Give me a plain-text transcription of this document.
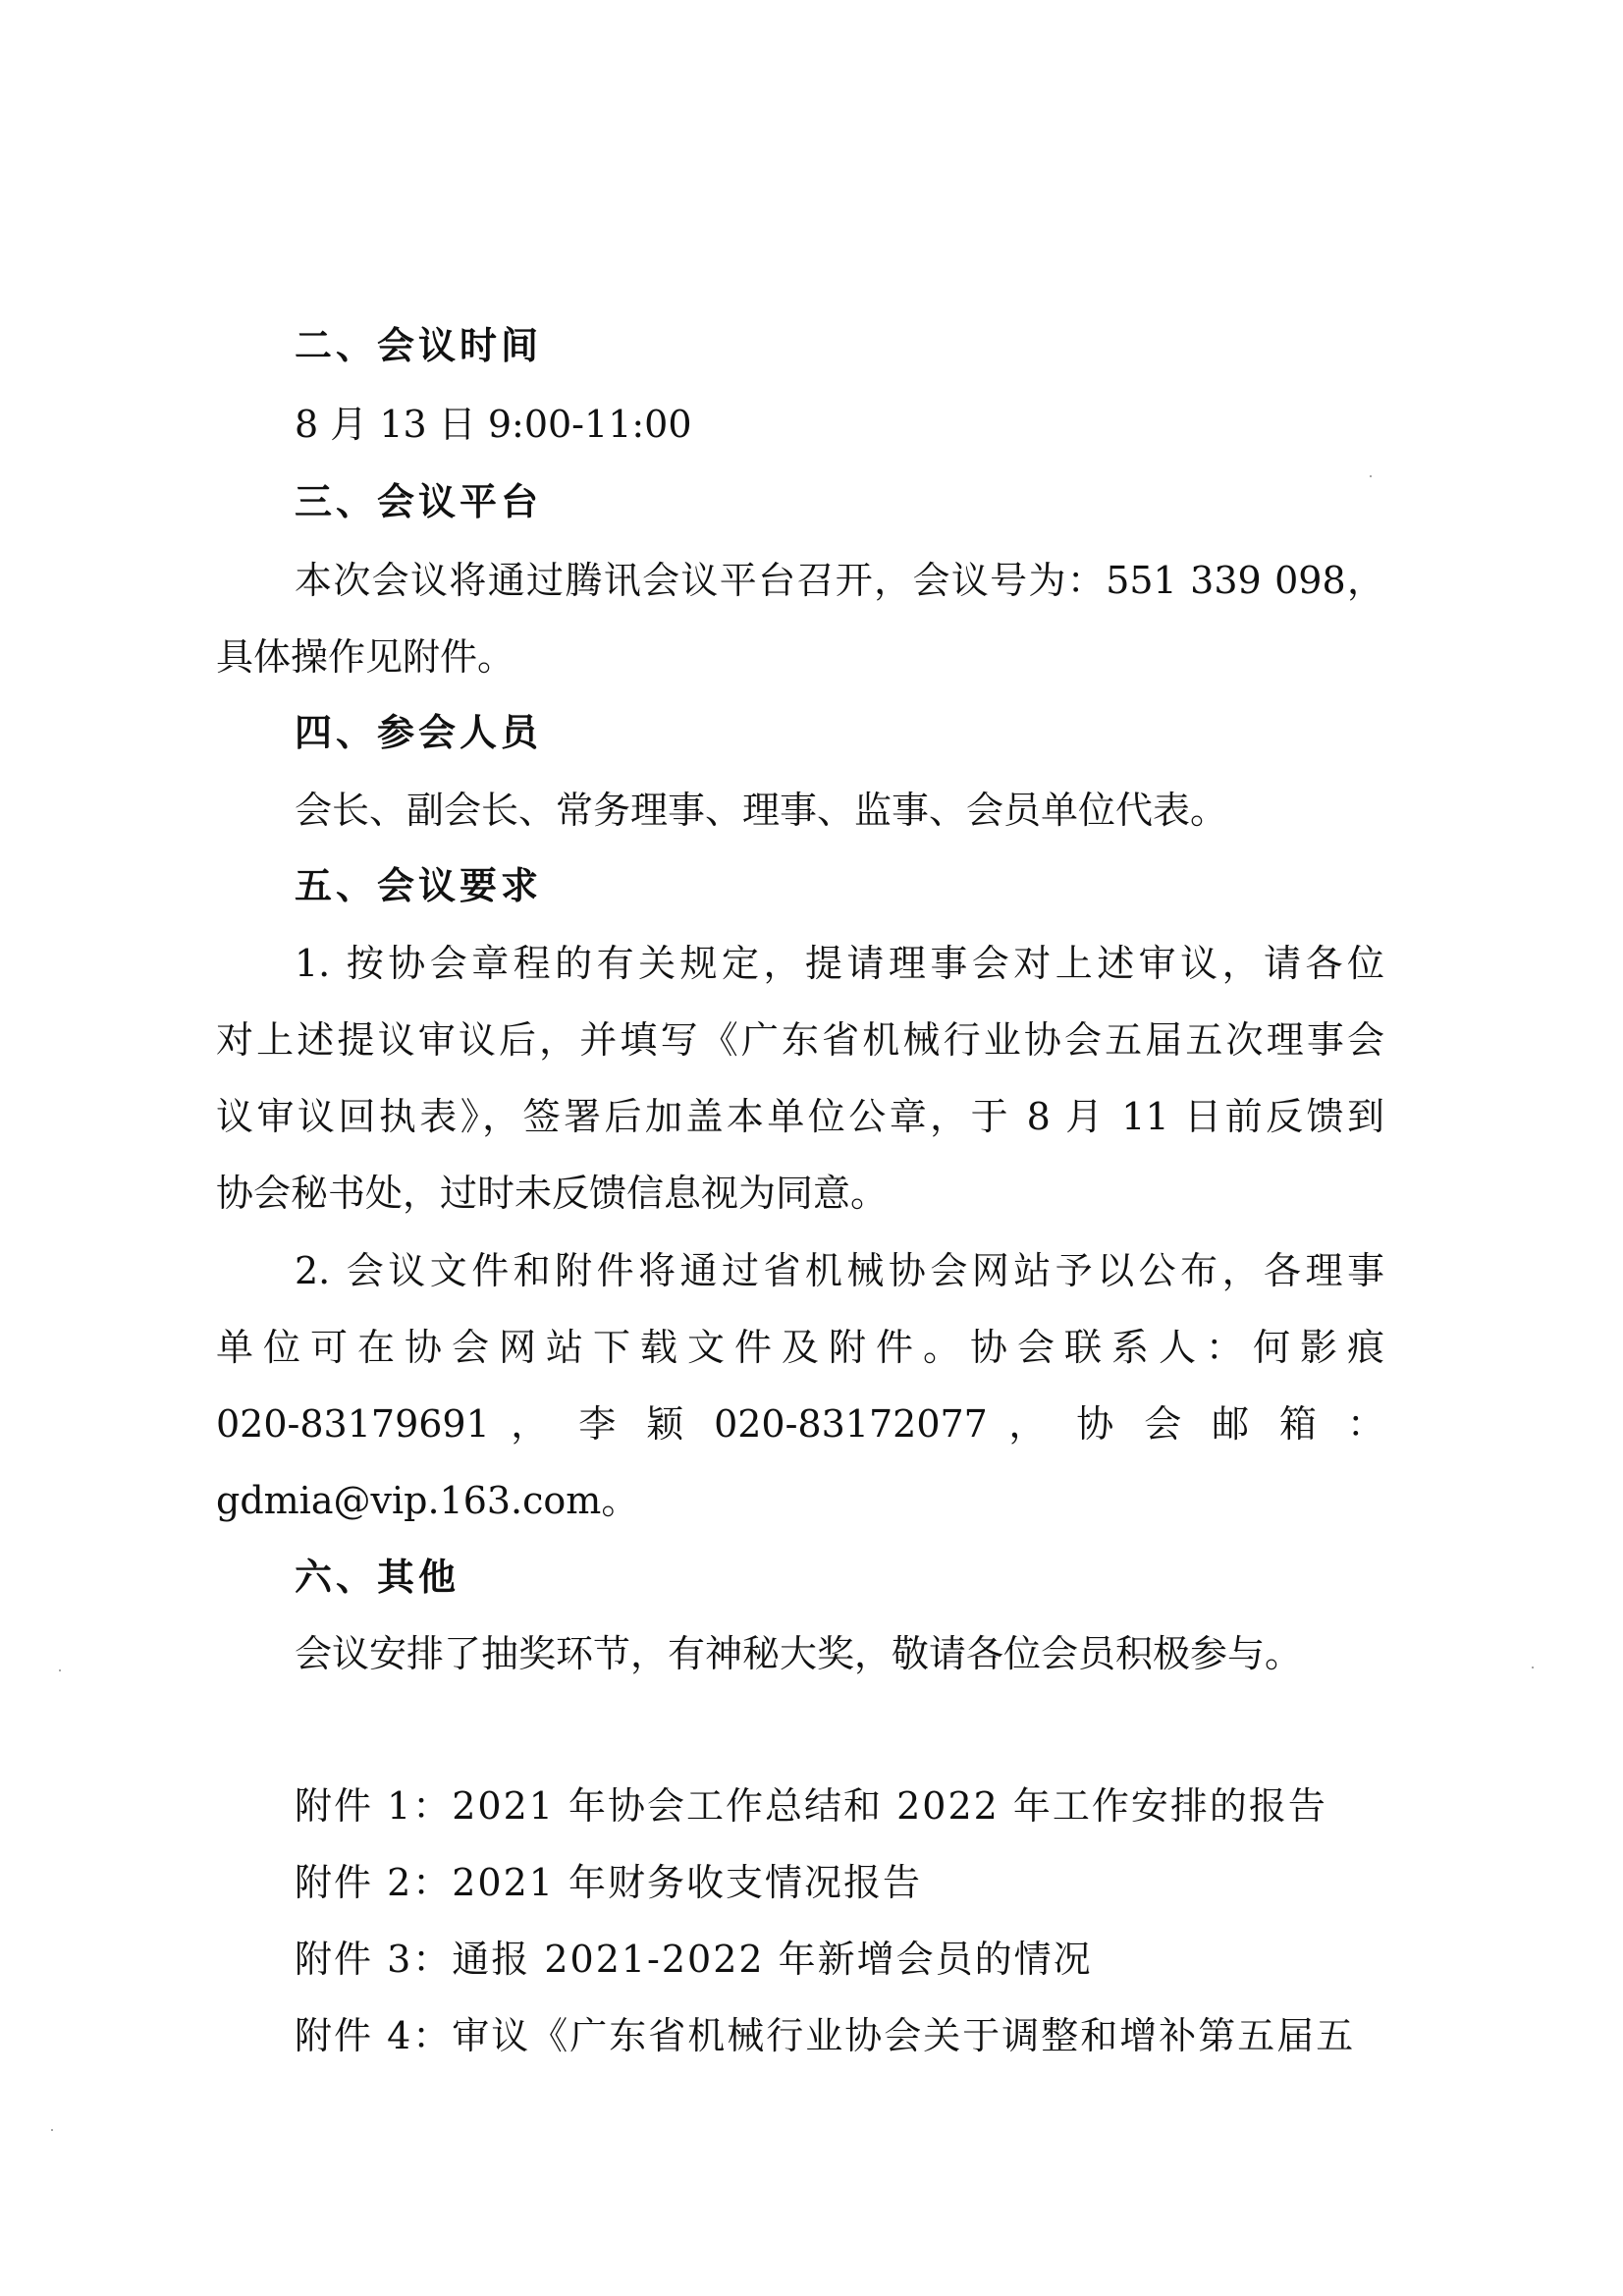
二、会议时间

8 月 13 日 9:00-11:00

三、会议平台

本次会议将通过腾讯会议平台召开，会议号为：551 339 098，

具体操作见附件。

四、参会人员

会长、副会长、常务理事、理事、监事、会员单位代表。

五、会议要求

1. 按协会章程的有关规定，提请理事会对上述审议，请各位

对上述提议审议后，并填写《广东省机械行业协会五届五次理事会

议审议回执表》，签署后加盖本单位公章，于 8 月 11 日前反馈到

协会秘书处，过时未反馈信息视为同意。

2. 会议文件和附件将通过省机械协会网站予以公布，各理事

单位可在协会网站下载文件及附件。协会联系人：何影痕

020-83179691 ， 李 颖 020-83172077 ， 协 会 邮 箱 ：

gdmia@vip.163.com。

六、其他

会议安排了抽奖环节，有神秘大奖，敬请各位会员积极参与。

附件 1：2021 年协会工作总结和 2022 年工作安排的报告

附件 2：2021 年财务收支情况报告

附件 3：通报 2021-2022 年新增会员的情况

附件 4：审议《广东省机械行业协会关于调整和增补第五届五
